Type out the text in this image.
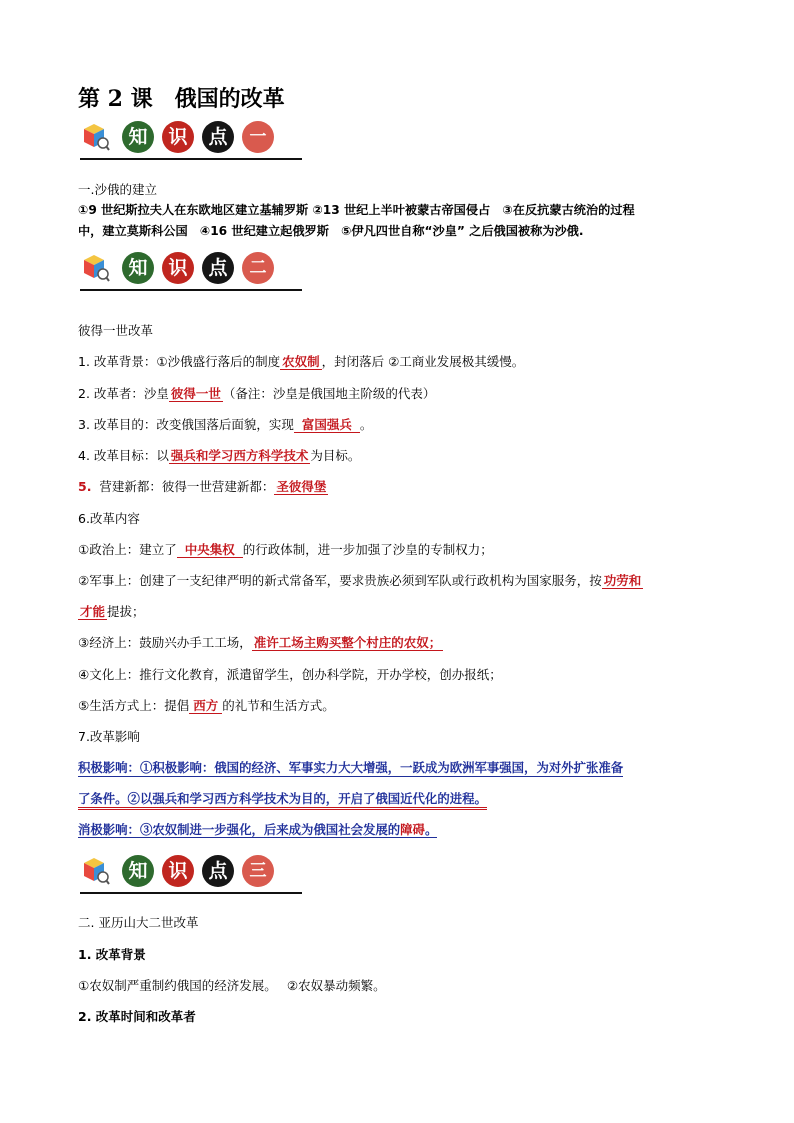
第 2 课　俄国的改革
知	识	点	一
一.沙俄的建立
①9 世纪斯拉夫人在东欧地区建立基辅罗斯 ②13 世纪上半叶被蒙古帝国侵占　③在反抗蒙古统治的过程
中，建立莫斯科公国　④16 世纪建立起俄罗斯　⑤伊凡四世自称“沙皇” 之后俄国被称为沙俄.
知	识	点	二
彼得一世改革
1. 改革背景：①沙俄盛行落后的制度 农奴制 ，封闭落后 ②工商业发展极其缓慢。
2. 改革者：沙皇 彼得一世 （备注：沙皇是俄国地主阶级的代表）
3. 改革目的：改变俄国落后面貌，实现 富国强兵 。
4. 改革目标：以 强兵和学习西方科学技术 为目标。
5. 营建新都：彼得一世营建新都： 圣彼得堡
6.改革内容
①政治上：建立了 中央集权 的行政体制，进一步加强了沙皇的专制权力；
②军事上：创建了一支纪律严明的新式常备军，要求贵族必须到军队或行政机构为国家服务，按 功劳和
才能 提拔；
③经济上：鼓励兴办手工工场， 准许工场主购买整个村庄的农奴；
④文化上：推行文化教育，派遣留学生，创办科学院，开办学校，创办报纸；
⑤生活方式上：提倡 西方 的礼节和生活方式。
7.改革影响
积极影响：①积极影响：俄国的经济、军事实力大大增强，一跃成为欧洲军事强国，为对外扩张准备
了条件。②以强兵和学习西方科学技术为目的，开启了俄国近代化的进程。
消极影响：③农奴制进一步强化，后来成为俄国社会发展的障碍。
知	识	点	三
二. 亚历山大二世改革
1. 改革背景
①农奴制严重制约俄国的经济发展。　 ②农奴暴动频繁。
2. 改革时间和改革者
